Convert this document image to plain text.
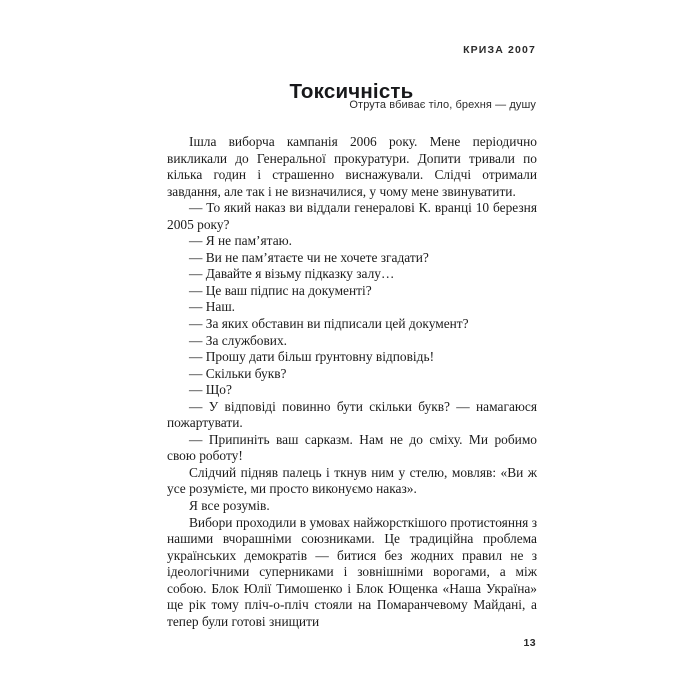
КРИЗА 2007
Токсичність
Отрута вбиває тіло, брехня — душу

Ішла виборча кампанія 2006 року. Мене періодично викликали до Генеральної прокуратури. Допити тривали по кілька годин і страшенно виснажували. Слідчі отримали завдання, але так і не визначилися, у чому мене звинуватити.

— То який наказ ви віддали генералові К. вранці 10 березня 2005 року?

— Я не пам’ятаю.

— Ви не пам’ятаєте чи не хочете згадати?

— Давайте я візьму підказку залу…

— Це ваш підпис на документі?

— Наш.

— За яких обставин ви підписали цей документ?

— За службових.

— Прошу дати більш ґрунтовну відповідь!

— Скільки букв?

— Що?

— У відповіді повинно бути скільки букв? — намагаюся пожартувати.

— Припиніть ваш сарказм. Нам не до сміху. Ми робимо свою роботу!

Слідчий підняв палець і ткнув ним у стелю, мовляв: «Ви ж усе розумієте, ми просто виконуємо наказ».

Я все розумів.

Вибори проходили в умовах найжорсткішого протистояння з нашими вчорашніми союзниками. Це традиційна проблема українських демократів — битися без жодних правил не з ідеологічними суперниками і зовнішніми ворогами, а між собою. Блок Юлії Тимошенко і Блок Ющенка «Наша Україна» ще рік тому пліч-о-пліч стояли на Помаранчевому Майдані, а тепер були готові знищити

13
